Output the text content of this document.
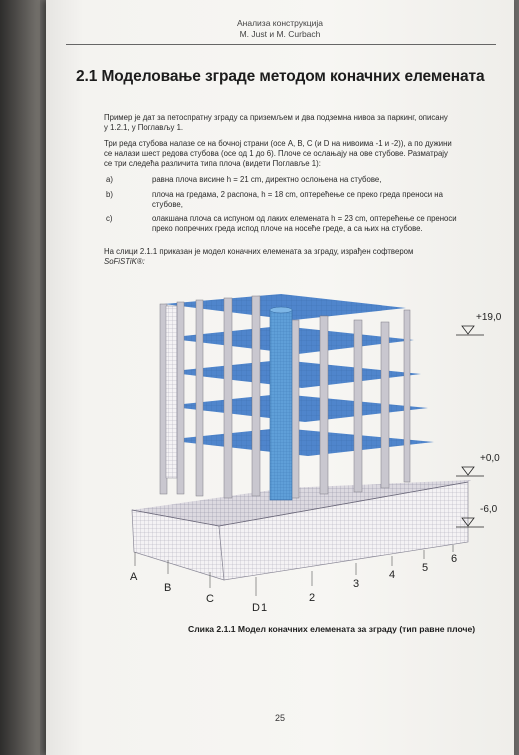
Анализа конструкција
M. Just и M. Curbach
2.1 Моделовање зграде методом коначних елемената
Пример је дат за петоспратну зграду са приземљем и два подземна нивоа за паркинг, описану
у 1.2.1, у Поглављу 1.
Три реда стубова налазе се на бочној страни (осе A, B, C (и D на нивоима -1 и -2)), а по дужини
се налази шест редова стубова (осе од 1 до 6). Плоче се ослањају на ове стубове. Разматрају
се три следећа различита типа плоча (видети Поглавље 1):
a)	равна плоча висине h = 21 cm, директно ослоњена на стубове,
b)	плоча на гредама, 2 распона, h = 18 cm, оптерећење се преко греда преноси на
стубове,
c)	олакшана плоча са испуном од лаких елемената h = 23 cm, оптерећење се преноси
преко попречних греда испод плоче на носеће греде, а са њих на стубове.
На слици 2.1.1 приказан је модел коначних елемената за зграду, израђен софтвером
SoFiSTiK®:
Слика 2.1.1 Модел коначних елемената за зграду (тип равне плоче)
25
A
B
C
D 1
2
3
4
5
6
+19,0
+0,0
-6,0
